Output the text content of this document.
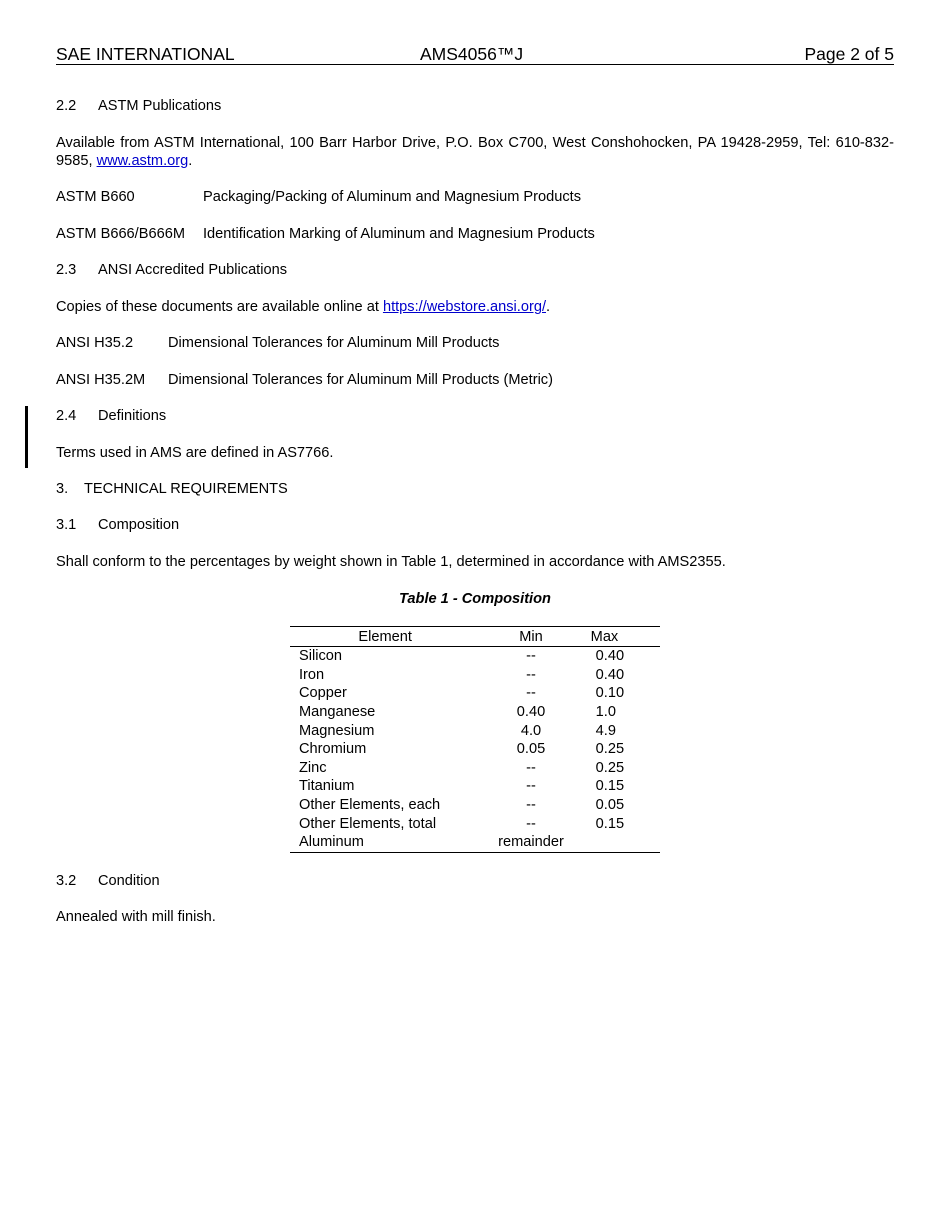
SAE INTERNATIONAL	AMS4056™J	Page 2 of 5
2.2 ASTM Publications
Available from ASTM International, 100 Barr Harbor Drive, P.O. Box C700, West Conshohocken, PA 19428-2959, Tel: 610-832-9585, www.astm.org.
ASTM B660	Packaging/Packing of Aluminum and Magnesium Products
ASTM B666/B666M Identification Marking of Aluminum and Magnesium Products
2.3 ANSI Accredited Publications
Copies of these documents are available online at https://webstore.ansi.org/.
ANSI H35.2 Dimensional Tolerances for Aluminum Mill Products
ANSI H35.2M Dimensional Tolerances for Aluminum Mill Products (Metric)
2.4 Definitions
Terms used in AMS are defined in AS7766.
3. TECHNICAL REQUIREMENTS
3.1 Composition
Shall conform to the percentages by weight shown in Table 1, determined in accordance with AMS2355.
Table 1 - Composition
Element	Min	Max
Silicon	--	0.40
Iron	--	0.40
Copper	--	0.10
Manganese	0.40	1.0
Magnesium	4.0	4.9
Chromium	0.05	0.25
Zinc	--	0.25
Titanium	--	0.15
Other Elements, each	--	0.05
Other Elements, total	--	0.15
Aluminum	remainder	
3.2 Condition
Annealed with mill finish.
